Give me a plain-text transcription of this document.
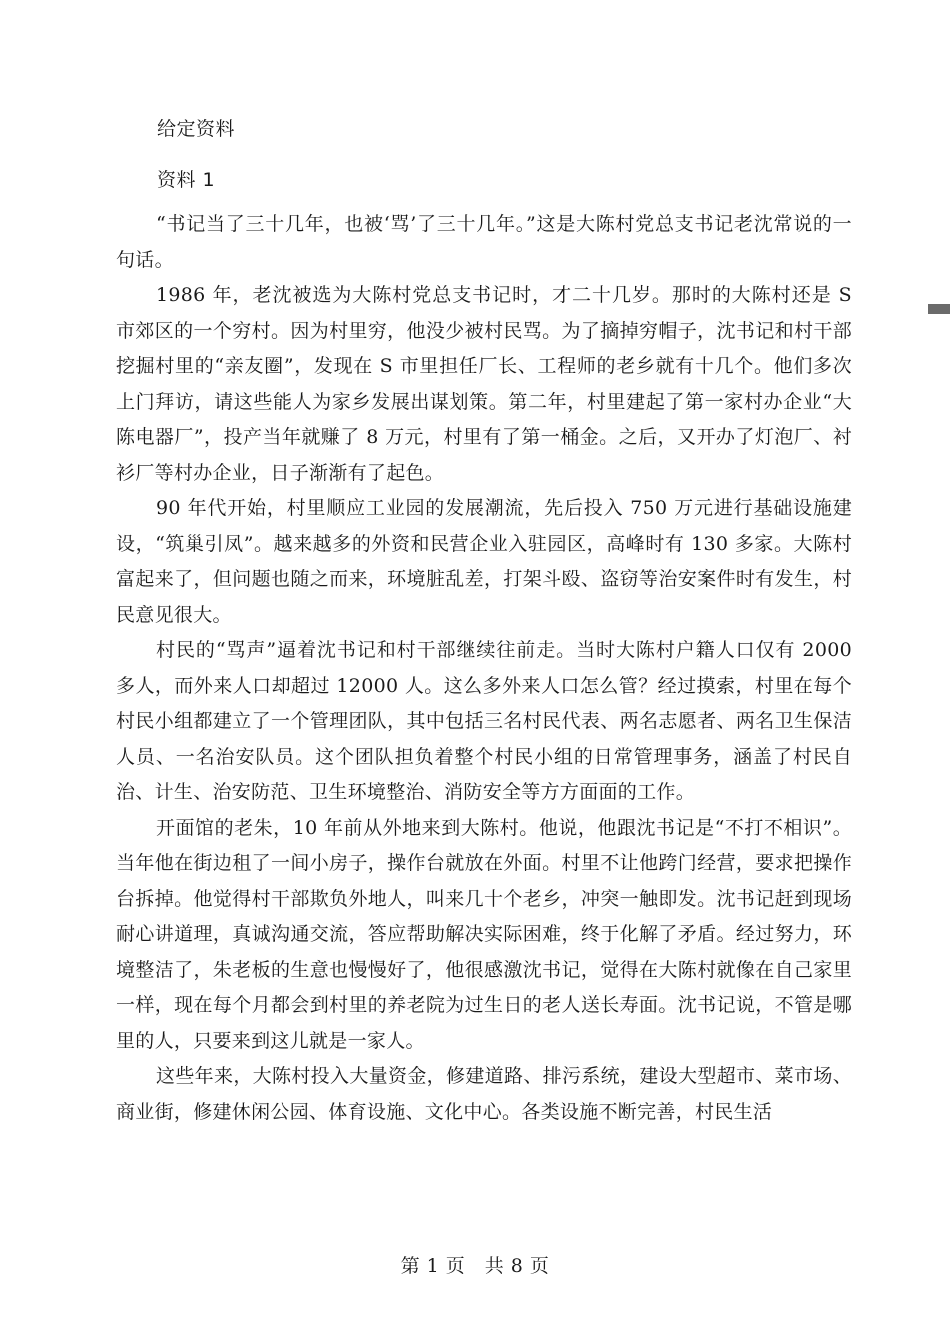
给定资料
资料 1

“书记当了三十几年，也被‘骂’了三十几年。”这是大陈村党总支书记老沈常说的一句话。

1986 年，老沈被选为大陈村党总支书记时，才二十几岁。那时的大陈村还是 S 市郊区的一个穷村。因为村里穷，他没少被村民骂。为了摘掉穷帽子，沈书记和村干部挖掘村里的“亲友圈”，发现在 S 市里担任厂长、工程师的老乡就有十几个。他们多次上门拜访，请这些能人为家乡发展出谋划策。第二年，村里建起了第一家村办企业“大陈电器厂”，投产当年就赚了 8 万元，村里有了第一桶金。之后，又开办了灯泡厂、衬衫厂等村办企业，日子渐渐有了起色。

90 年代开始，村里顺应工业园的发展潮流，先后投入 750 万元进行基础设施建设，“筑巢引凤”。越来越多的外资和民营企业入驻园区，高峰时有 130 多家。大陈村富起来了，但问题也随之而来，环境脏乱差，打架斗殴、盗窃等治安案件时有发生，村民意见很大。

村民的“骂声”逼着沈书记和村干部继续往前走。当时大陈村户籍人口仅有 2000 多人，而外来人口却超过 12000 人。这么多外来人口怎么管？经过摸索，村里在每个村民小组都建立了一个管理团队，其中包括三名村民代表、两名志愿者、两名卫生保洁人员、一名治安队员。这个团队担负着整个村民小组的日常管理事务，涵盖了村民自治、计生、治安防范、卫生环境整治、消防安全等方方面面的工作。

开面馆的老朱，10 年前从外地来到大陈村。他说，他跟沈书记是“不打不相识”。当年他在街边租了一间小房子，操作台就放在外面。村里不让他跨门经营，要求把操作台拆掉。他觉得村干部欺负外地人，叫来几十个老乡，冲突一触即发。沈书记赶到现场耐心讲道理，真诚沟通交流，答应帮助解决实际困难，终于化解了矛盾。经过努力，环境整洁了，朱老板的生意也慢慢好了，他很感激沈书记，觉得在大陈村就像在自己家里一样，现在每个月都会到村里的养老院为过生日的老人送长寿面。沈书记说，不管是哪里的人，只要来到这儿就是一家人。

这些年来，大陈村投入大量资金，修建道路、排污系统，建设大型超市、菜市场、商业街，修建休闲公园、体育设施、文化中心。各类设施不断完善，村民生活

第 1 页　共 8 页
